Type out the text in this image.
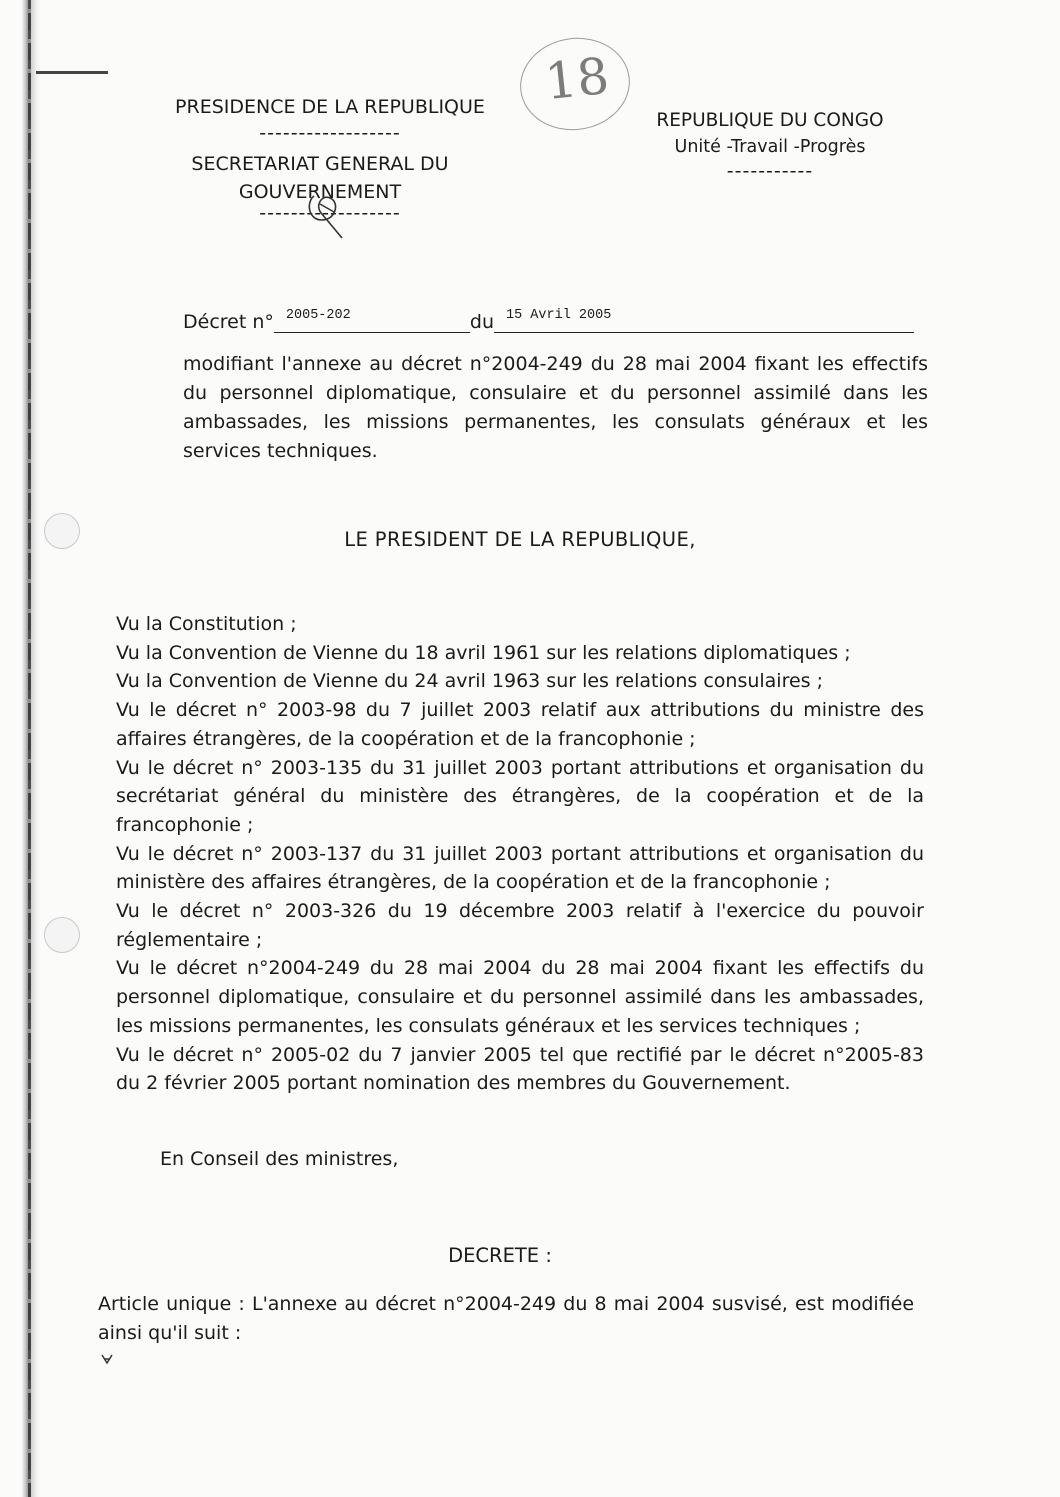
18
PRESIDENCE DE LA REPUBLIQUE
------------------
SECRETARIAT GENERAL DU GOUVERNEMENT
------------------
REPUBLIQUE DU CONGO
Unité -Travail -Progrès
-----------
Décret n° 2005-202	du 15 Avril 2005
modifiant l'annexe au décret n°2004-249 du 28 mai 2004 fixant les effectifs du personnel diplomatique, consulaire et du personnel assimilé dans les ambassades, les missions permanentes, les consulats généraux et les services techniques.
LE PRESIDENT DE LA REPUBLIQUE,

Vu la Constitution ;

Vu la Convention de Vienne du 18 avril 1961 sur les relations diplomatiques ;

Vu la Convention de Vienne du 24 avril 1963 sur les relations consulaires ;

Vu le décret n° 2003-98 du 7 juillet 2003 relatif aux attributions du ministre des affaires étrangères, de la coopération et de la francophonie ;

Vu le décret n° 2003-135 du 31 juillet 2003 portant attributions et organisation du secrétariat général du ministère des étrangères, de la coopération et de la francophonie ;

Vu le décret n° 2003-137 du 31 juillet 2003 portant attributions et organisation du ministère des affaires étrangères, de la coopération et de la francophonie ;

Vu le décret n° 2003-326 du 19 décembre 2003 relatif à l'exercice du pouvoir réglementaire ;

Vu le décret n°2004-249 du 28 mai 2004 du 28 mai 2004 fixant les effectifs du personnel diplomatique, consulaire et du personnel assimilé dans les ambassades, les missions permanentes, les consulats généraux et les services techniques ;

Vu le décret n° 2005-02 du 7 janvier 2005 tel que rectifié par le décret n°2005-83 du 2 février 2005 portant nomination des membres du Gouvernement.

En Conseil des ministres,
DECRETE :
Article unique : L'annexe au décret n°2004-249 du 8 mai 2004 susvisé, est modifiée ainsi qu'il suit :
